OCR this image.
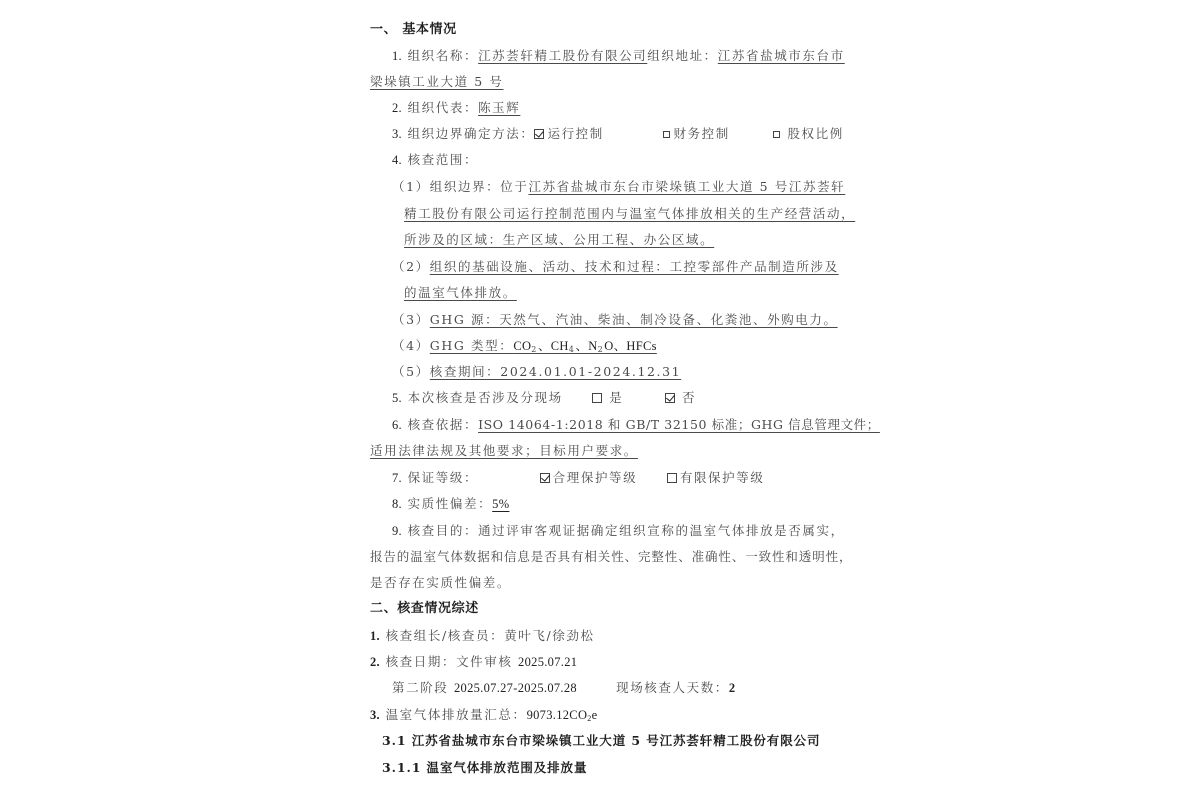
一、 基本情况
1. 组织名称：江苏荟轩精工股份有限公司组织地址：江苏省盐城市东台市
梁垛镇工业大道 5 号
2. 组织代表：陈玉辉
3. 组织边界确定方法： 运行控制	财务控制	股权比例
4. 核查范围：
（1）组织边界：位于江苏省盐城市东台市梁垛镇工业大道 5 号江苏荟轩
精工股份有限公司运行控制范围内与温室气体排放相关的生产经营活动，
所涉及的区域：生产区域、公用工程、办公区域。
（2）组织的基础设施、活动、技术和过程：工控零部件产品制造所涉及
的温室气体排放。
（3）GHG 源：天然气、汽油、柴油、制冷设备、化粪池、外购电力。
（4）GHG 类型：$CO_2$、$CH_4$、$N_2O$、HFCs
（5）核查期间：2024.01.01-2024.12.31
5. 本次核查是否涉及分现场	是	否
6. 核查依据：ISO 14064-1:2018 和 GB/T 32150 标准；GHG 信息管理文件；
适用法律法规及其他要求；目标用户要求。
7. 保证等级：	合理保护等级	有限保护等级
8. 实质性偏差：5%
9. 核查目的：通过评审客观证据确定组织宣称的温室气体排放是否属实，
报告的温室气体数据和信息是否具有相关性、完整性、准确性、一致性和透明性，
是否存在实质性偏差。
二、核查情况综述
1. 核查组长/核查员：黄叶飞/徐劲松
2. 核查日期：文件审核 2025.07.21
第二阶段 2025.07.27-2025.07.28	现场核查人天数：2
3. 温室气体排放量汇总：$9073.12CO_2e$
3.1 江苏省盐城市东台市梁垛镇工业大道 5 号江苏荟轩精工股份有限公司
3.1.1 温室气体排放范围及排放量
